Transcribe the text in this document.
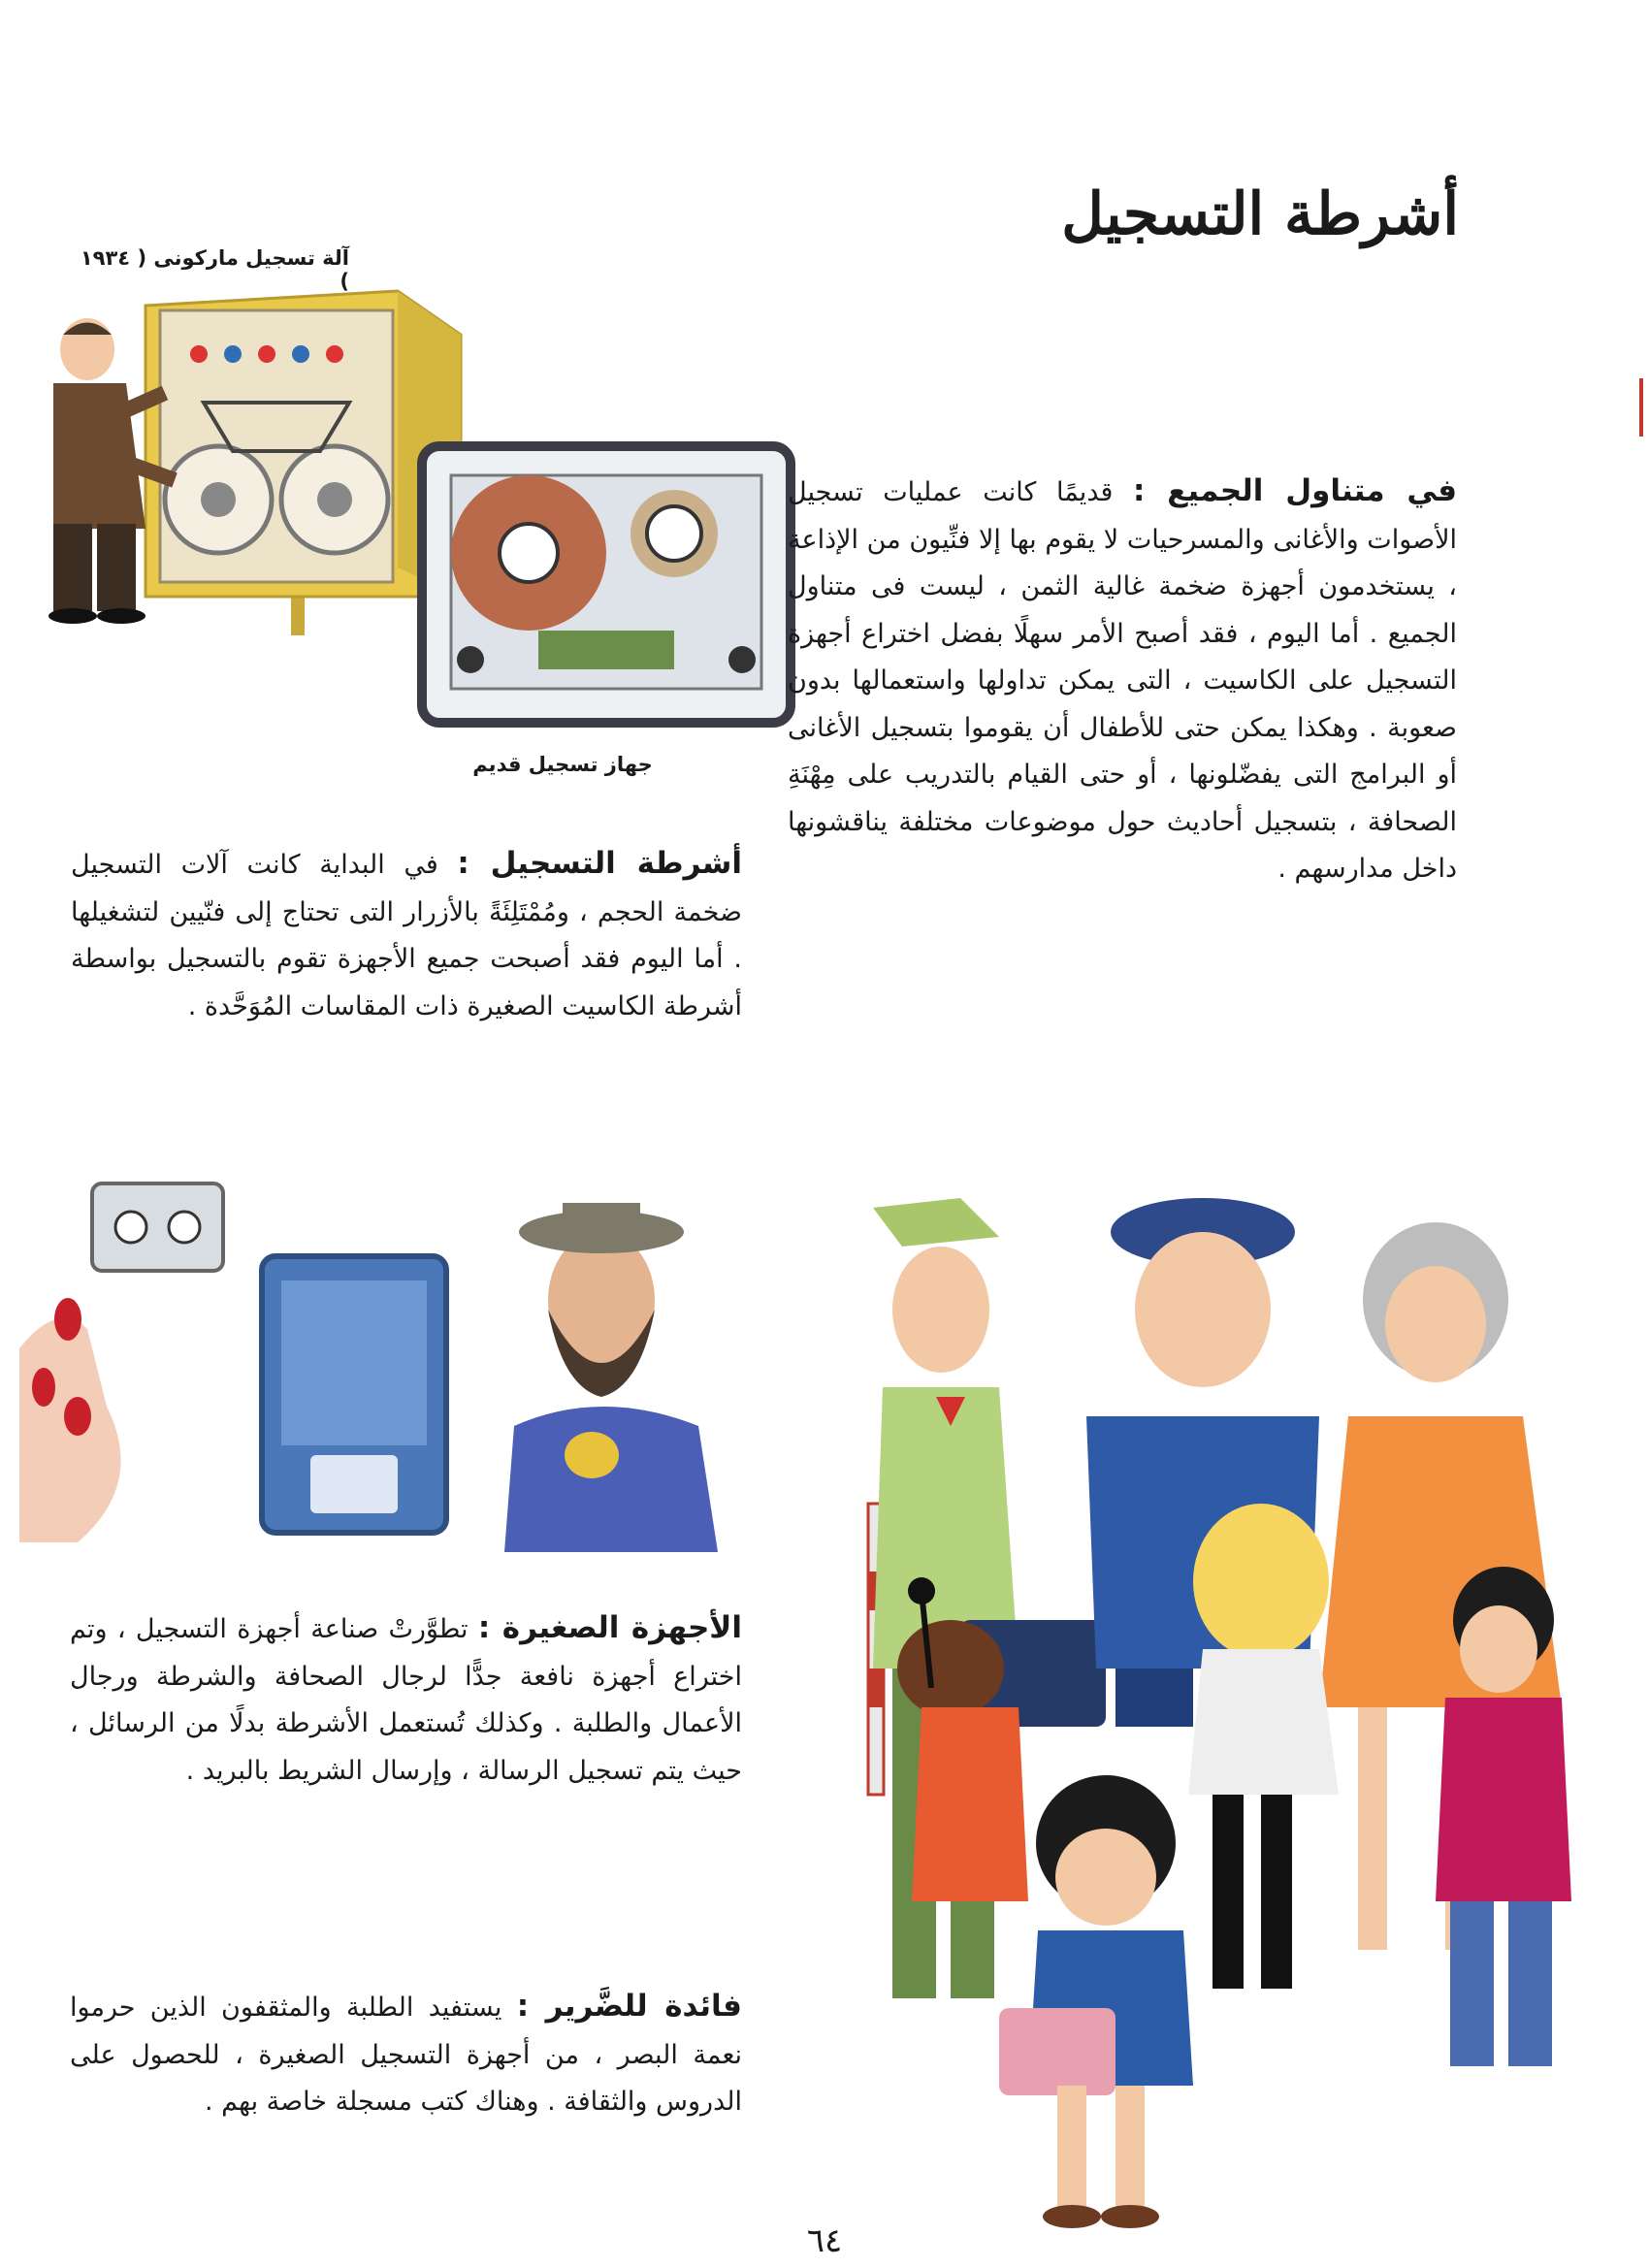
أشرطة التسجيل
آلة تسجيل ماركونى ( ١٩٣٤ )
جهاز تسجيل قديم

في متناول الجميع : قديمًا كانت عمليات تسجيل الأصوات والأغانى والمسرحيات لا يقوم بها إلا فنِّيون من الإذاعة ، يستخدمون أجهزة ضخمة غالية الثمن ، ليست فى متناول الجميع . أما اليوم ، فقد أصبح الأمر سهلًا بفضل اختراع أجهزة التسجيل على الكاسيت ، التى يمكن تداولها واستعمالها بدون صعوبة . وهكذا يمكن حتى للأطفال أن يقوموا بتسجيل الأغانى أو البرامج التى يفضّلونها ، أو حتى القيام بالتدريب على مِهْنَةِ الصحافة ، بتسجيل أحاديث حول موضوعات مختلفة يناقشونها داخل مدارسهم .

أشرطة التسجيل : في البداية كانت آلات التسجيل ضخمة الحجم ، ومُمْتَلِئَةً بالأزرار التى تحتاج إلى فنّيين لتشغيلها . أما اليوم فقد أصبحت جميع الأجهزة تقوم بالتسجيل بواسطة أشرطة الكاسيت الصغيرة ذات المقاسات المُوَحَّدة .

الأجهزة الصغيرة : تطوَّرتْ صناعة أجهزة التسجيل ، وتم اختراع أجهزة نافعة جدًّا لرجال الصحافة والشرطة ورجال الأعمال والطلبة . وكذلك تُستعمل الأشرطة بدلًا من الرسائل ، حيث يتم تسجيل الرسالة ، وإرسال الشريط بالبريد .

فائدة للضَّرير : يستفيد الطلبة والمثقفون الذين حرموا نعمة البصر ، من أجهزة التسجيل الصغيرة ، للحصول على الدروس والثقافة . وهناك كتب مسجلة خاصة بهم .

٦٤
